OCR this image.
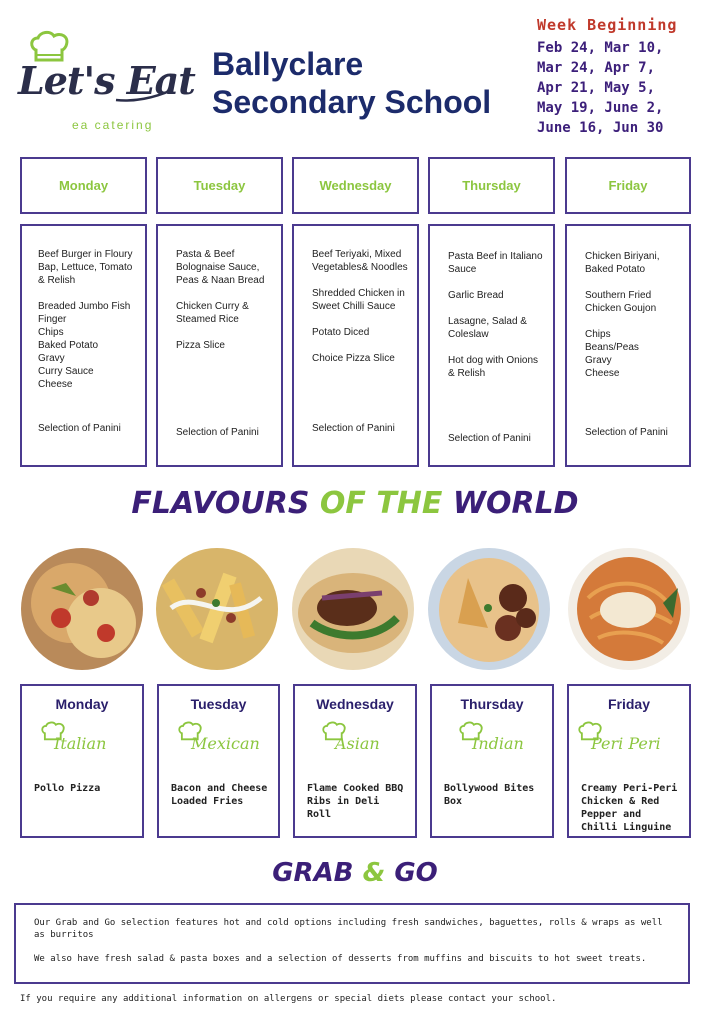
Let's Eat
ea catering
Ballyclare
Secondary School
Week Beginning
Feb 24, Mar 10,
Mar 24, Apr 7,
Apr 21, May 5,
May 19, June 2,
June 16, Jun 30
Monday	Tuesday	Wednesday	Thursday	Friday
Beef Burger in Floury Bap, Lettuce, Tomato & Relish
Breaded Jumbo Fish Finger
Chips
Baked Potato
Gravy
Curry Sauce
Cheese
Selection of Panini
Pasta & Beef Bolognaise Sauce, Peas & Naan Bread
Chicken Curry & Steamed Rice
Pizza Slice
Selection of Panini
Beef Teriyaki, Mixed Vegetables& Noodles
Shredded Chicken in Sweet Chilli Sauce
Potato Diced
Choice Pizza Slice
Selection of Panini
Pasta Beef in Italiano Sauce
Garlic Bread
Lasagne, Salad & Coleslaw
Hot dog with Onions & Relish
Selection of Panini
Chicken Biriyani, Baked Potato
Southern Fried Chicken Goujon
Chips
Beans/Peas
Gravy
Cheese
Selection of Panini
FLAVOURS OF THE WORLD
Monday
Italian
Pollo Pizza
Tuesday
Mexican
Bacon and Cheese Loaded Fries
Wednesday
Asian
Flame Cooked BBQ Ribs in Deli Roll
Thursday
Indian
Bollywood Bites Box
Friday
Peri Peri
Creamy Peri-Peri Chicken & Red Pepper and Chilli Linguine
GRAB & GO

Our Grab and Go selection features hot and cold options including fresh sandwiches, baguettes, rolls & wraps as well as burritos

We also have fresh salad & pasta boxes and a selection of desserts from muffins and biscuits to hot sweet treats.

If you require any additional information on allergens or special diets please contact your school.
